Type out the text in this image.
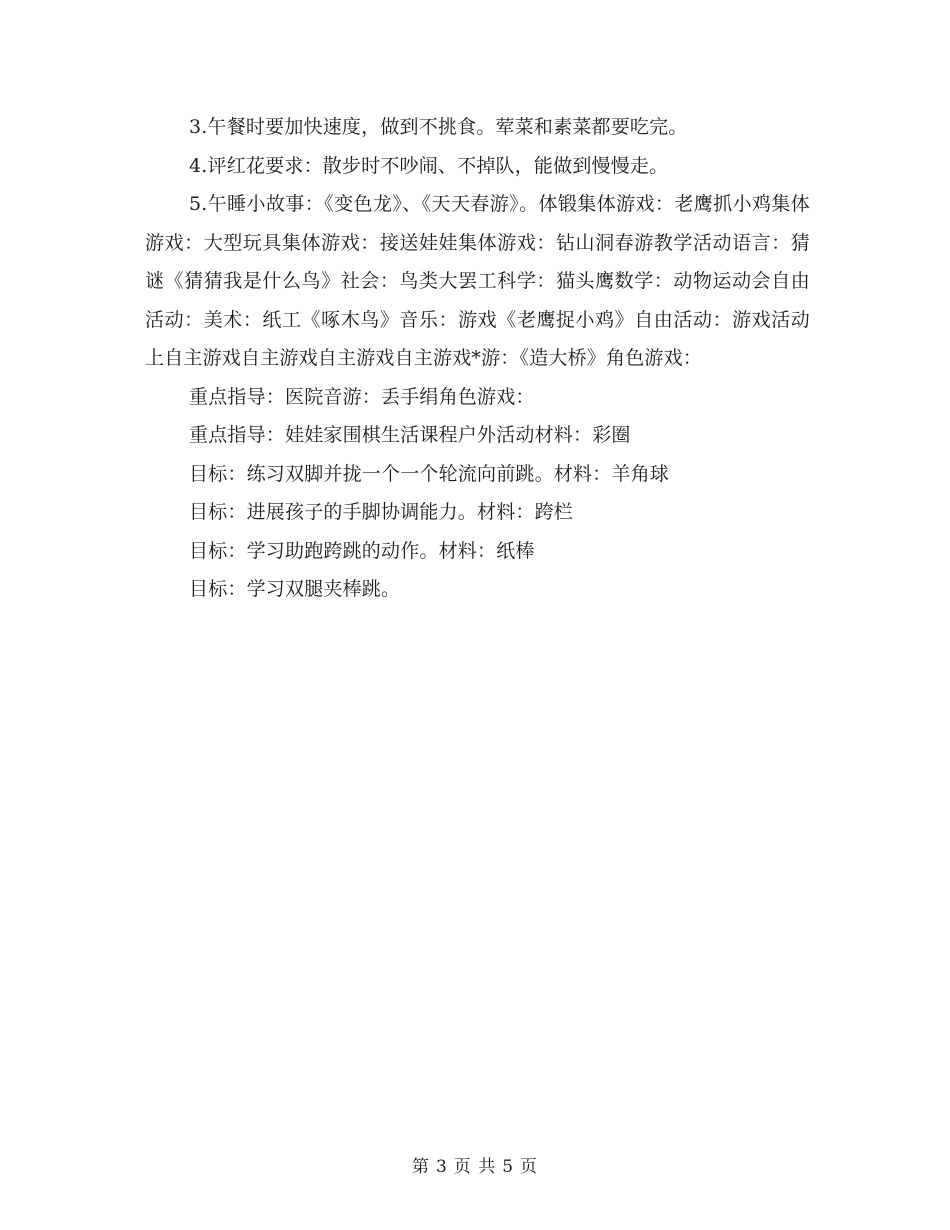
3.午餐时要加快速度，做到不挑食。荤菜和素菜都要吃完。

4.评红花要求：散步时不吵闹、不掉队，能做到慢慢走。

5.午睡小故事：《变色龙》、《天天春游》。体锻集体游戏：老鹰抓小鸡集体游戏：大型玩具集体游戏：接送娃娃集体游戏：钻山洞春游教学活动语言：猜谜《猜猜我是什么鸟》社会：鸟类大罢工科学：猫头鹰数学：动物运动会自由活动：美术：纸工《啄木鸟》音乐：游戏《老鹰捉小鸡》自由活动：游戏活动上自主游戏自主游戏自主游戏自主游戏*游：《造大桥》角色游戏：

重点指导：医院音游：丢手绢角色游戏：

重点指导：娃娃家围棋生活课程户外活动材料：彩圈

目标：练习双脚并拢一个一个轮流向前跳。材料：羊角球

目标：进展孩子的手脚协调能力。材料：跨栏

目标：学习助跑跨跳的动作。材料：纸棒

目标：学习双腿夹棒跳。

第 3 页 共 5 页
